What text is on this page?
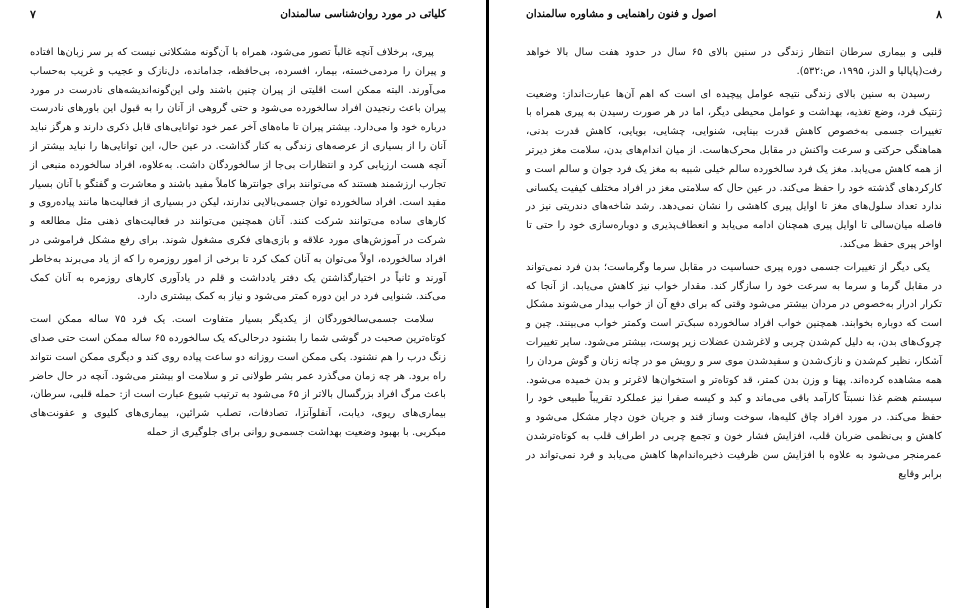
کلیاتی در مورد روان‌شناسی سالمندان
۷

پیری، برخلاف آنچه غالباً تصور می‌شود، همراه با آن‌گونه مشکلاتی نیست که بر سر زبان‌ها افتاده و پیران را مردمی‌خسته، بیمار، افسرده، بی‌حافظه، جدامانده، دل‌نازک و عجیب و غریب به‌حساب می‌آورند. البته ممکن است اقلیتی از پیران چنین باشند ولی این‌گونه‌اندیشه‌های نادرست در مورد پیران باعث رنجیدن افراد سالخورده می‌شود و حتی گروهی از آنان را به قبول این باورهای نادرست درباره خود وا می‌دارد. بیشتر پیران تا ماه‌های آخر عمر خود توانایی‌های قابل ذکری دارند و هرگز نباید آنان را از بسیاری از عرصه‌های زندگی به کنار گذاشت. در عین حال، این توانایی‌ها را نباید بیشتر از آنچه هست ارزیابی کرد و انتظارات بی‌جا از سالخوردگان داشت. به‌علاوه، افراد سالخورده منبعی از تجارب ارزشمند هستند که می‌توانند برای جوانترها کاملاً مفید باشند و معاشرت و گفتگو با آنان بسیار مفید است. افراد سالخورده توان جسمی‌بالایی ندارند، لیکن در بسیاری از فعالیت‌ها مانند پیاده‌روی و کارهای ساده می‌توانند شرکت کنند. آنان همچنین می‌توانند در فعالیت‌های ذهنی مثل مطالعه و شرکت در آموزش‌های مورد علاقه و بازی‌های فکری مشغول شوند. برای رفع مشکل فراموشی در افراد سالخورده، اولاً می‌توان به آنان کمک کرد تا برخی از امور روزمره را که از یاد می‌برند به‌خاطر آورند و ثانیاً در اختیارگذاشتن یک دفتر یادداشت و قلم در یادآوری کارهای روزمره به آنان کمک می‌کند. شنوایی فرد در این دوره کمتر می‌شود و نیاز به کمک بیشتری دارد.

سلامت جسمی‌سالخوردگان از یکدیگر بسیار متفاوت است. یک فرد ۷۵ ساله ممکن است کوتاه‌ترین صحبت در گوشی شما را بشنود درحالی‌که یک سالخورده ۶۵ ساله ممکن است حتی صدای زنگ درب را هم نشنود. یکی ممکن است روزانه دو ساعت پیاده روی کند و دیگری ممکن است نتواند راه برود. هر چه زمان می‌گذرد عمر بشر طولانی تر و سلامت او بیشتر می‌شود. آنچه در حال حاضر باعث مرگ افراد بزرگسال بالاتر از ۶۵ می‌شود به ترتیب شیوع عبارت است از: حمله قلبی، سرطان، بیماری‌های ریوی، دیابت، آنفلوآنزا، تصادفات، تصلب شرائین، بیماری‌های کلیوی و عفونت‌های میکربی. با بهبود وضعیت بهداشت جسمی‌و روانی برای جلوگیری از حمله

۸
اصول و فنون راهنمایی و مشاوره سالمندان

قلبی و بیماری سرطان انتظار زندگی در سنین بالای ۶۵ سال در حدود هفت سال بالا خواهد رفت(پاپالیا و الدز، ۱۹۹۵، ص:۵۳۲).

رسیدن به سنین بالای زندگی نتیجه عوامل پیچیده ای است که اهم آن‌ها عبارت‌انداز: وضعیت ژنتیک فرد، وضع تغذیه، بهداشت و عوامل محیطی دیگر، اما در هر صورت رسیدن به پیری همراه با تغییرات جسمی به‌خصوص کاهش قدرت بینایی، شنوایی، چشایی، بویایی، کاهش قدرت بدنی، هماهنگی حرکتی و سرعت واکنش در مقابل محرک‌هاست. از میان اندام‌های بدن، سلامت مغز دیرتر از همه کاهش می‌یابد. مغز یک فرد سالخورده سالم خیلی شبیه به مغز یک فرد جوان و سالم است و کارکردهای گذشته خود را حفظ می‌کند. در عین حال که سلامتی مغز در افراد مختلف کیفیت یکسانی ندارد تعداد سلول‌های مغز تا اوایل پیری کاهشی را نشان نمی‌دهد. رشد شاخه‌های دندریتی نیز در فاصله میان‌سالی تا اوایل پیری همچنان ادامه می‌یابد و انعطاف‌پذیری و دوباره‌سازی خود را حتی تا اواخر پیری حفظ می‌کند.

یکی دیگر از تغییرات جسمی دوره پیری حساسیت در مقابل سرما وگرماست؛ بدن فرد نمی‌تواند در مقابل گرما و سرما به سرعت خود را سازگار کند. مقدار خواب نیز کاهش می‌یابد. از آنجا که تکرار ادرار به‌خصوص در مردان بیشتر می‌شود وقتی که برای دفع آن از خواب بیدار می‌شوند مشکل است که دوباره بخوابند. همچنین خواب افراد سالخورده سبک‌تر است وکمتر خواب می‌بینند. چین و چروک‌های بدن، به دلیل کم‌شدن چربی و لاغرشدن عضلات زیر پوست، بیشتر می‌شود. سایر تغییرات آشکار، نظیر کم‌شدن و نازک‌شدن و سفیدشدن موی سر و رویش مو در چانه زنان و گوش مردان را همه مشاهده کرده‌اند. پهنا و وزن بدن کمتر، قد کوتاه‌تر و استخوان‌ها لاغرتر و بدن خمیده می‌شود. سیستم هضم غذا نسبتاً کارآمد باقی می‌ماند و کبد و کیسه صفرا نیز عملکرد تقریباً طبیعی خود را حفظ می‌کند. در مورد افراد چاق کلیه‌ها، سوخت وساز قند و جریان خون دچار مشکل می‌شود و کاهش و بی‌نظمی ضربان قلب، افزایش فشار خون و تجمع چربی در اطراف قلب به کوتاه‌ترشدن عمرمنجر می‌شود به علاوه با افزایش سن ظرفیت ذخیره‌اندام‌ها کاهش می‌یابد و فرد نمی‌تواند در برابر وقایع
